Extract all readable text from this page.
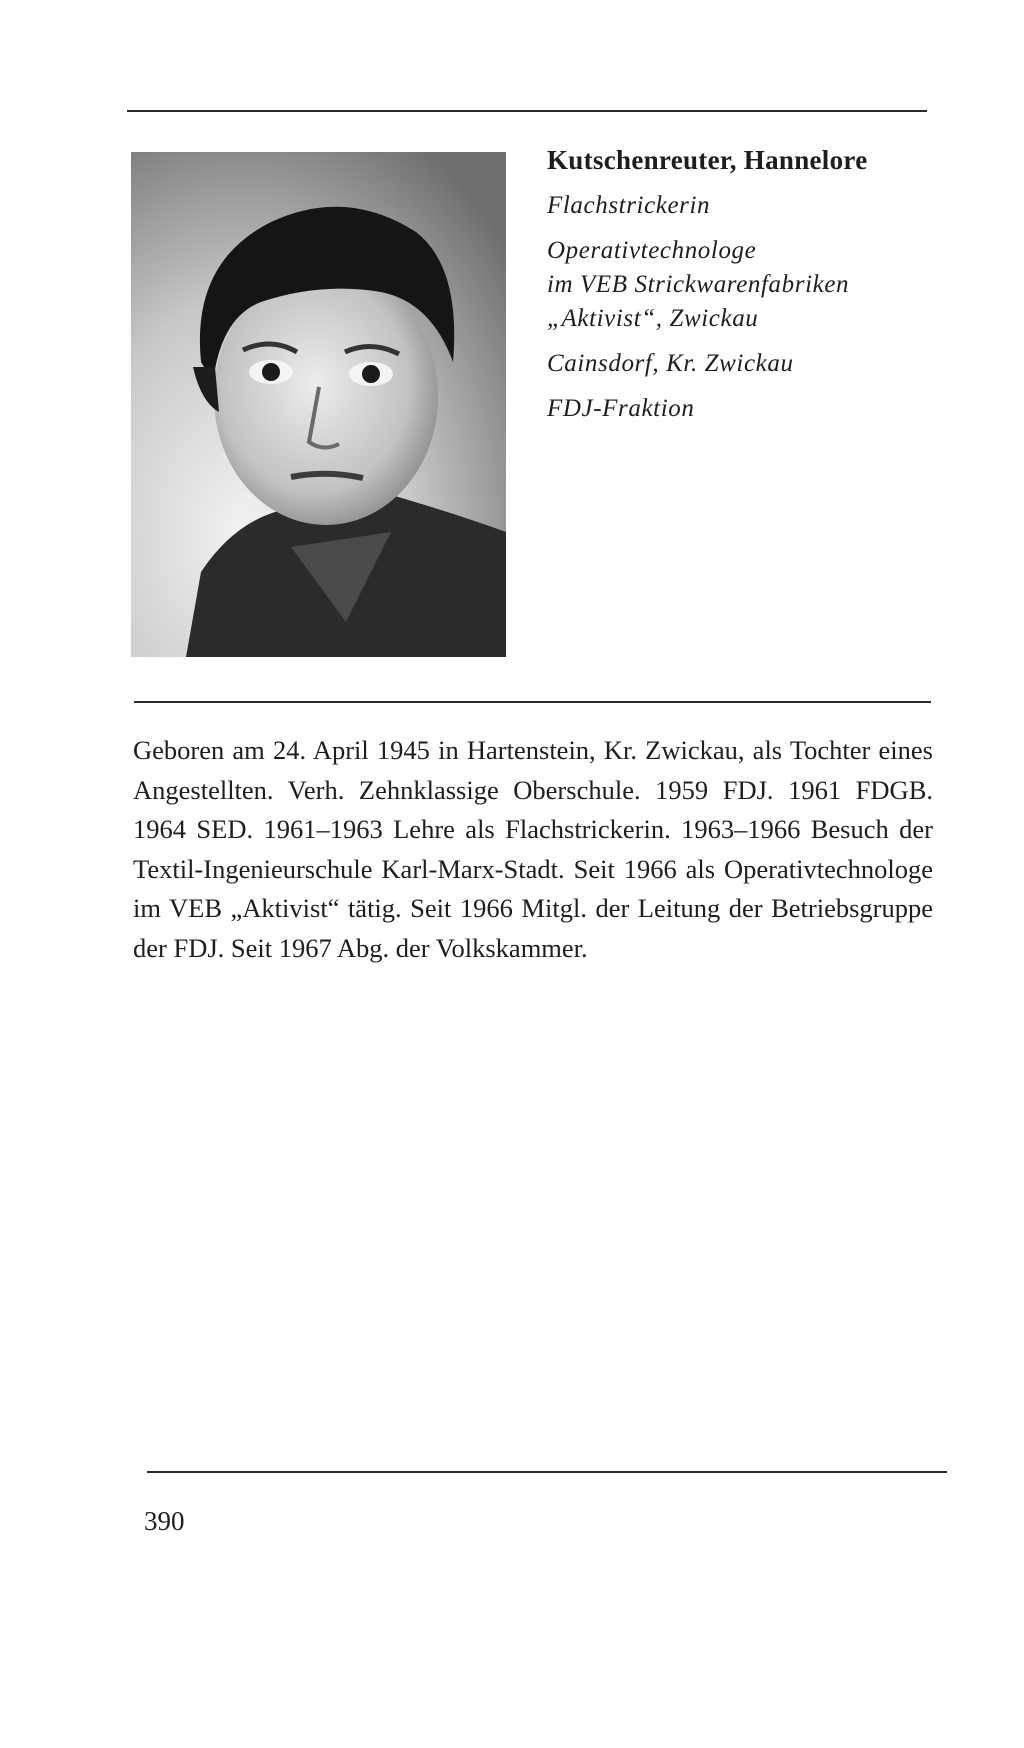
Kutschenreuter, Hannelore

Flachstrickerin

Operativtechnologe

im VEB Strickwarenfabriken

„Aktivist“, Zwickau

Cainsdorf, Kr. Zwickau

FDJ-Fraktion

Geboren am 24. April 1945 in Hartenstein, Kr. Zwickau, als Tochter eines Angestellten. Verh. Zehnklassige Oberschule. 1959 FDJ. 1961 FDGB. 1964 SED. 1961–1963 Lehre als Flachstrickerin. 1963–1966 Besuch der Textil-Ingenieurschule Karl-Marx-Stadt. Seit 1966 als Operativtechnologe im VEB „Aktivist“ tätig. Seit 1966 Mitgl. der Leitung der Betriebsgruppe der FDJ. Seit 1967 Abg. der Volkskammer.

390
